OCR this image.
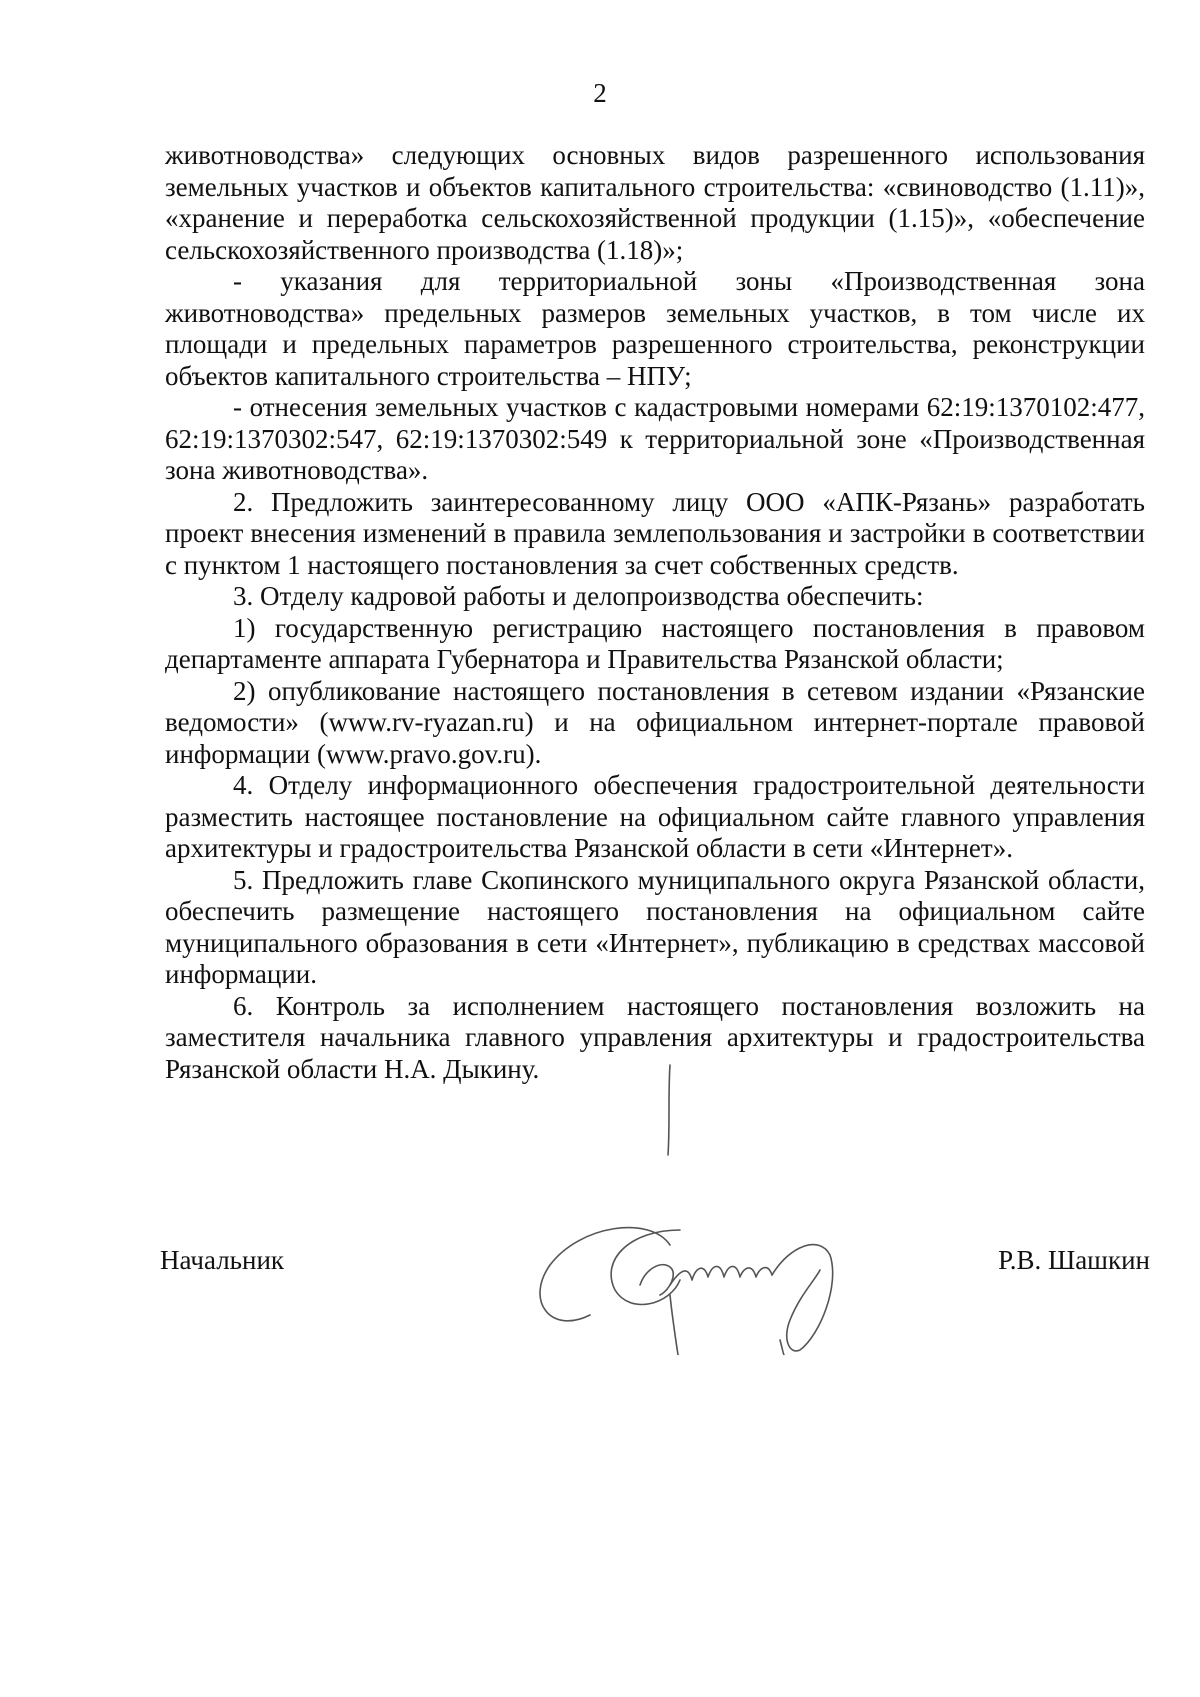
2

животноводства» следующих основных видов разрешенного использования земельных участков и объектов капитального строительства: «свиноводство (1.11)», «хранение и переработка сельскохозяйственной продукции (1.15)», «обеспечение сельскохозяйственного производства (1.18)»;

- указания для территориальной зоны «Производственная зона животноводства» предельных размеров земельных участков, в том числе их площади и предельных параметров разрешенного строительства, реконструкции объектов капитального строительства – НПУ;

- отнесения земельных участков с кадастровыми номерами 62:19:1370102:477, 62:19:1370302:547, 62:19:1370302:549 к территориальной зоне «Производственная зона животноводства».

2. Предложить заинтересованному лицу ООО «АПК-Рязань» разработать проект внесения изменений в правила землепользования и застройки в соответствии с пунктом 1 настоящего постановления за счет собственных средств.

3. Отделу кадровой работы и делопроизводства обеспечить:

1) государственную регистрацию настоящего постановления в правовом департаменте аппарата Губернатора и Правительства Рязанской области;

2) опубликование настоящего постановления в сетевом издании «Рязанские ведомости» (www.rv-ryazan.ru) и на официальном интернет-портале правовой информации (www.pravo.gov.ru).

4. Отделу информационного обеспечения градостроительной деятельности разместить настоящее постановление на официальном сайте главного управления архитектуры и градостроительства Рязанской области в сети «Интернет».

5. Предложить главе Скопинского муниципального округа Рязанской области, обеспечить размещение настоящего постановления на официальном сайте муниципального образования в сети «Интернет», публикацию в средствах массовой информации.

6. Контроль за исполнением настоящего постановления возложить на заместителя начальника главного управления архитектуры и градостроительства Рязанской области Н.А. Дыкину.

Начальник	Р.В. Шашкин
